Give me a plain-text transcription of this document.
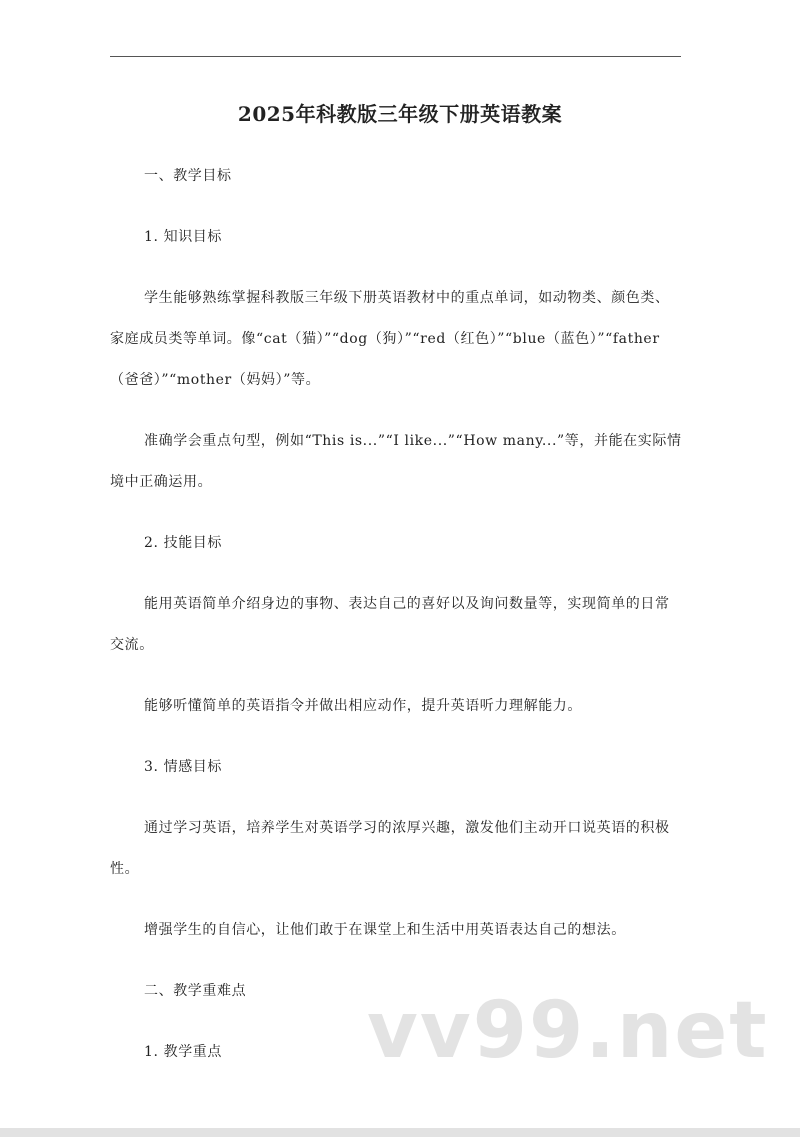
2025年科教版三年级下册英语教案

一、教学目标

1. 知识目标

学生能够熟练掌握科教版三年级下册英语教材中的重点单词，如动物类、颜色类、家庭成员类等单词。像“cat（猫）”“dog（狗）”“red（红色）”“blue（蓝色）”“father（爸爸）”“mother（妈妈）”等。

准确学会重点句型，例如“This is...”“I like...”“How many...”等，并能在实际情境中正确运用。

2. 技能目标

能用英语简单介绍身边的事物、表达自己的喜好以及询问数量等，实现简单的日常交流。

能够听懂简单的英语指令并做出相应动作，提升英语听力理解能力。

3. 情感目标

通过学习英语，培养学生对英语学习的浓厚兴趣，激发他们主动开口说英语的积极性。

增强学生的自信心，让他们敢于在课堂上和生活中用英语表达自己的想法。

二、教学重难点

1. 教学重点	vv99.net
